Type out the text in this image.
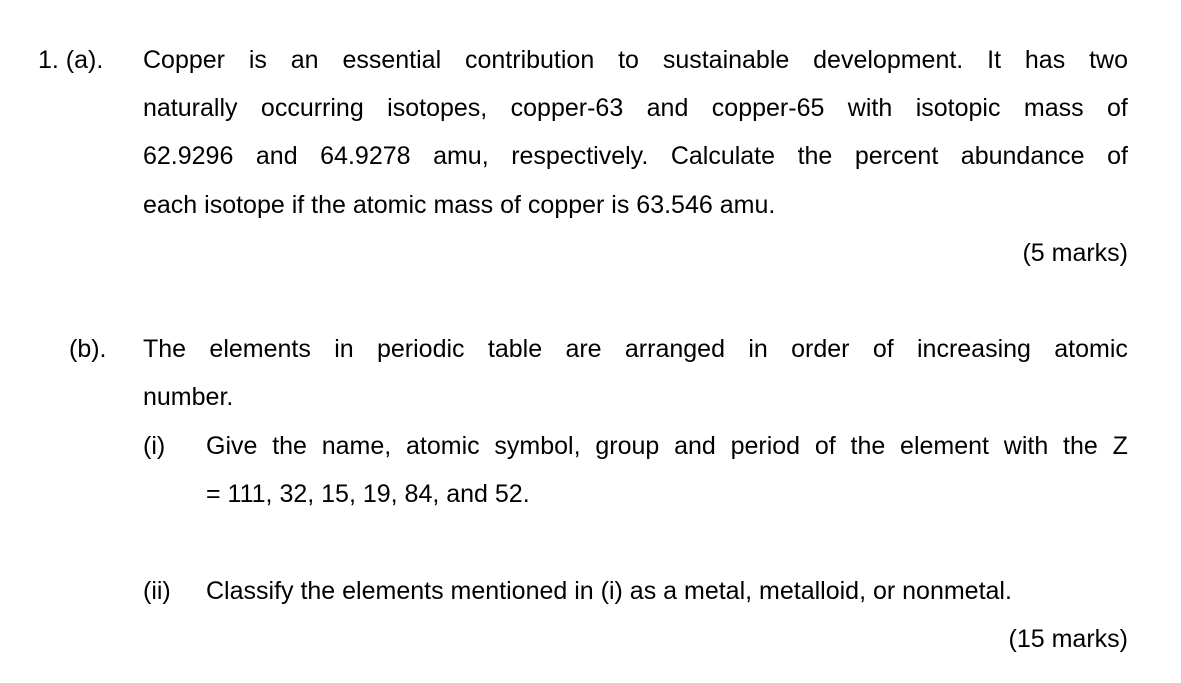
1. (a). Copper is an essential contribution to sustainable development. It has two
naturally occurring isotopes, copper-63 and copper-65 with isotopic mass of
62.9296 and 64.9278 amu, respectively. Calculate the percent abundance of
each isotope if the atomic mass of copper is 63.546 amu.
(5 marks)
(b). The elements in periodic table are arranged in order of increasing atomic
number.
(i) Give the name, atomic symbol, group and period of the element with the Z
= 111, 32, 15, 19, 84, and 52.
(ii) Classify the elements mentioned in (i) as a metal, metalloid, or nonmetal.
(15 marks)
